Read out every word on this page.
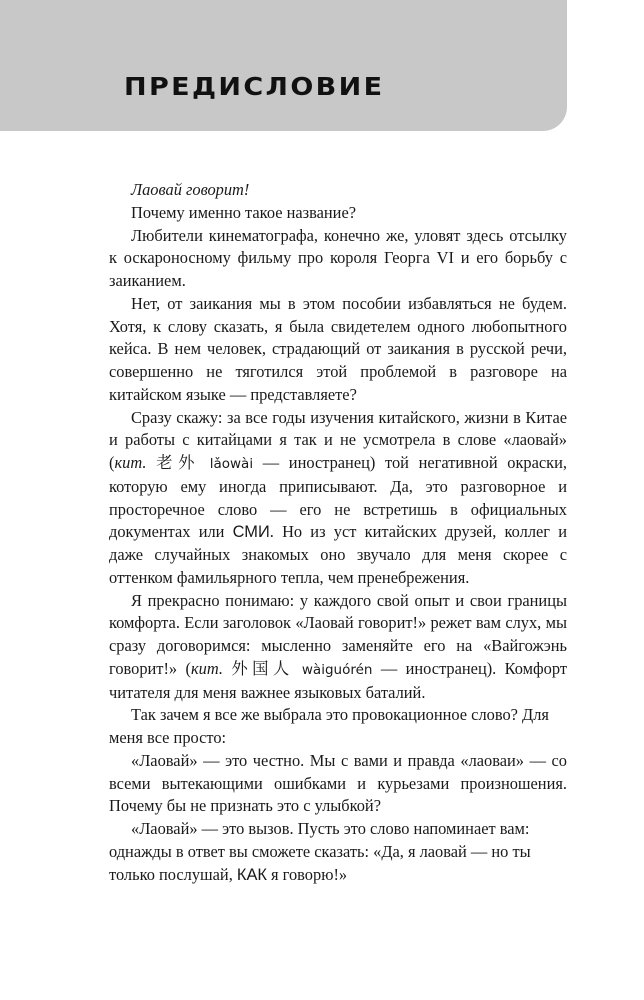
ПРЕДИСЛОВИЕ

Лаовай говорит!

Почему именно такое название?

Любители кинематографа, конечно же, уловят здесь отсылку к оскароносному фильму про короля Георга VI и его борьбу с заиканием.

Нет, от заикания мы в этом пособии избавляться не будем. Хотя, к слову сказать, я была свидетелем одного любопытного кейса. В нем человек, страдающий от заикания в русской речи, совершенно не тяготился этой проблемой в разговоре на китайском языке — представляете?

Сразу скажу: за все годы изучения китайского, жизни в Китае и работы с китайцами я так и не усмотрела в слове «лаовай» (кит. 老外 lǎowài — иностранец) той негативной окраски, которую ему иногда приписывают. Да, это разговорное и просторечное слово — его не встретишь в официальных документах или СМИ. Но из уст китайских друзей, коллег и даже случайных знакомых оно звучало для меня скорее с оттенком фамильярного тепла, чем пренебрежения.

Я прекрасно понимаю: у каждого свой опыт и свои границы комфорта. Если заголовок «Лаовай говорит!» режет вам слух, мы сразу договоримся: мысленно заменяйте его на «Вайгожэнь говорит!» (кит. 外国人 wàiguórén — иностранец). Комфорт читателя для меня важнее языковых баталий.

Так зачем я все же выбрала это провокационное слово? Для меня все просто:

«Лаовай» — это честно. Мы с вами и правда «лаоваи» — со всеми вытекающими ошибками и курьезами произношения. Почему бы не признать это с улыбкой?

«Лаовай» — это вызов. Пусть это слово напоминает вам: однажды в ответ вы сможете сказать: «Да, я лаовай — но ты только послушай, КАК я говорю!»
